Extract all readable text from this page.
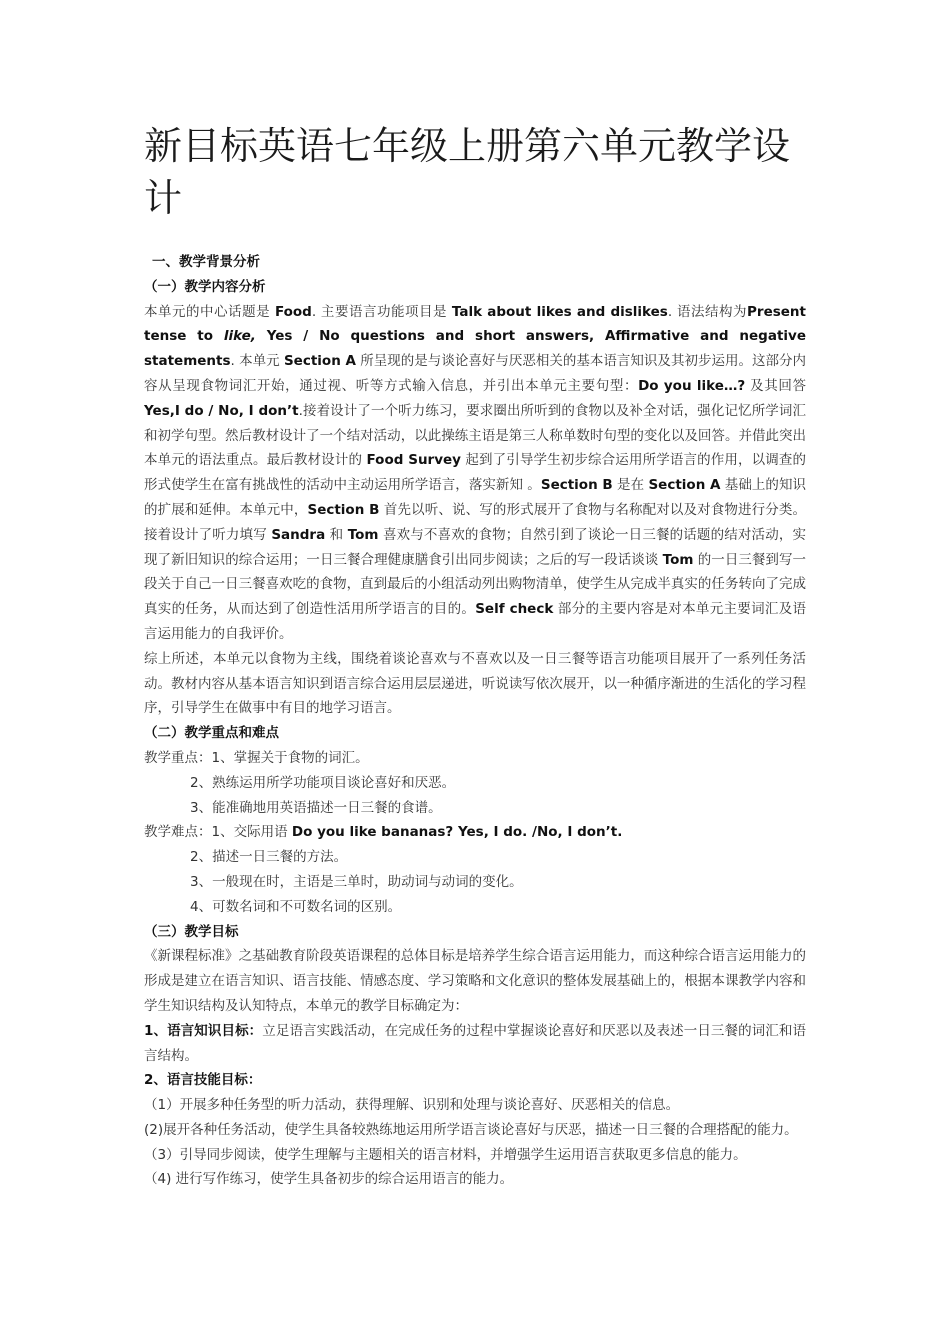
新目标英语七年级上册第六单元教学设计

一、教学背景分析

（一）教学内容分析

本单元的中心话题是 Food. 主要语言功能项目是 Talk about likes and dislikes. 语法结构为Present tense to like, Yes / No questions and short answers, Affirmative and negative statements. 本单元 Section A 所呈现的是与谈论喜好与厌恶相关的基本语言知识及其初步运用。这部分内容从呈现食物词汇开始，通过视、听等方式输入信息，并引出本单元主要句型：Do you like…? 及其回答 Yes,I do / No, I don’t.接着设计了一个听力练习，要求圈出所听到的食物以及补全对话，强化记忆所学词汇和初学句型。然后教材设计了一个结对活动，以此操练主语是第三人称单数时句型的变化以及回答。并借此突出本单元的语法重点。最后教材设计的 Food Survey 起到了引导学生初步综合运用所学语言的作用，以调查的形式使学生在富有挑战性的活动中主动运用所学语言，落实新知 。Section B 是在 Section A 基础上的知识的扩展和延伸。本单元中，Section B 首先以听、说、写的形式展开了食物与名称配对以及对食物进行分类。接着设计了听力填写 Sandra 和 Tom 喜欢与不喜欢的食物；自然引到了谈论一日三餐的话题的结对活动，实现了新旧知识的综合运用；一日三餐合理健康膳食引出同步阅读；之后的写一段话谈谈 Tom 的一日三餐到写一段关于自己一日三餐喜欢吃的食物，直到最后的小组活动列出购物清单，使学生从完成半真实的任务转向了完成真实的任务，从而达到了创造性活用所学语言的目的。Self check 部分的主要内容是对本单元主要词汇及语言运用能力的自我评价。

综上所述，本单元以食物为主线，围绕着谈论喜欢与不喜欢以及一日三餐等语言功能项目展开了一系列任务活动。教材内容从基本语言知识到语言综合运用层层递进，听说读写依次展开，以一种循序渐进的生活化的学习程序，引导学生在做事中有目的地学习语言。

（二）教学重点和难点

教学重点：1、掌握关于食物的词汇。

2、熟练运用所学功能项目谈论喜好和厌恶。

3、能准确地用英语描述一日三餐的食谱。

教学难点：1、交际用语 Do you like bananas? Yes, I do. /No, I don’t.

2、描述一日三餐的方法。

3、一般现在时，主语是三单时，助动词与动词的变化。

4、可数名词和不可数名词的区别。

（三）教学目标

《新课程标准》之基础教育阶段英语课程的总体目标是培养学生综合语言运用能力，而这种综合语言运用能力的形成是建立在语言知识、语言技能、情感态度、学习策略和文化意识的整体发展基础上的，根据本课教学内容和学生知识结构及认知特点，本单元的教学目标确定为：

1、语言知识目标：立足语言实践活动，在完成任务的过程中掌握谈论喜好和厌恶以及表述一日三餐的词汇和语言结构。

2、语言技能目标：

（1）开展多种任务型的听力活动，获得理解、识别和处理与谈论喜好、厌恶相关的信息。

(2)展开各种任务活动，使学生具备较熟练地运用所学语言谈论喜好与厌恶，描述一日三餐的合理搭配的能力。

（3）引导同步阅读，使学生理解与主题相关的语言材料，并增强学生运用语言获取更多信息的能力。

（4) 进行写作练习，使学生具备初步的综合运用语言的能力。
